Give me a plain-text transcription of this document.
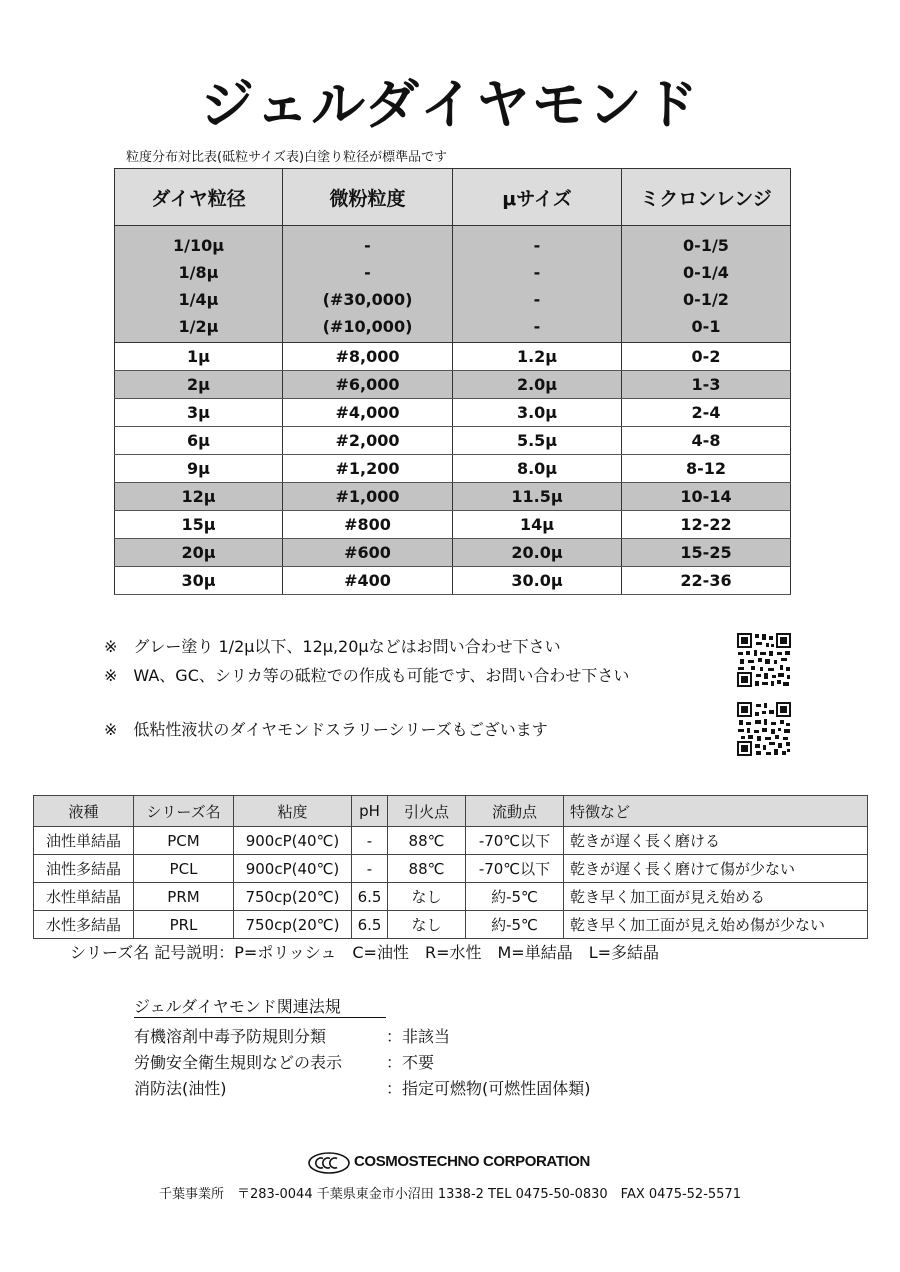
ジェルダイヤモンド
粒度分布対比表(砥粒サイズ表)白塗り粒径が標準品です
ダイヤ粒径	微粉粒度	μサイズ	ミクロンレンジ
1/10μ	-	-	0-1/5
1/8μ	-	-	0-1/4
1/4μ	(#30,000)	-	0-1/2
1/2μ	(#10,000)	-	0-1
1μ	#8,000	1.2μ	0-2
2μ	#6,000	2.0μ	1-3
3μ	#4,000	3.0μ	2-4
6μ	#2,000	5.5μ	4-8
9μ	#1,200	8.0μ	8-12
12μ	#1,000	11.5μ	10-14
15μ	#800	14μ	12-22
20μ	#600	20.0μ	15-25
30μ	#400	30.0μ	22-36
※　グレー塗り 1/2μ以下、12μ,20μなどはお問い合わせ下さい
※　WA、GC、シリカ等の砥粒での作成も可能です、お問い合わせ下さい
※　低粘性液状のダイヤモンドスラリーシリーズもございます
液種	シリーズ名	粘度	pH	引火点	流動点	特徴など
油性単結晶	PCM	900cP(40℃)	-	88℃	-70℃以下	乾きが遅く長く磨ける
油性多結晶	PCL	900cP(40℃)	-	88℃	-70℃以下	乾きが遅く長く磨けて傷が少ない
水性単結晶	PRM	750cp(20℃)	6.5	なし	約-5℃	乾き早く加工面が見え始める
水性多結晶	PRL	750cp(20℃)	6.5	なし	約-5℃	乾き早く加工面が見え始め傷が少ない
シリーズ名 記号説明：P=ポリッシュ　C=油性　R=水性　M=単結晶　L=多結晶
ジェルダイヤモンド関連法規
有機溶剤中毒予防規則分類	：非該当
労働安全衛生規則などの表示	：不要
消防法(油性)	：指定可燃物(可燃性固体類)
COSMOSTECHNO CORPORATION
千葉事業所　〒283-0044 千葉県東金市小沼田 1338-2 TEL 0475-50-0830　FAX 0475-52-5571
